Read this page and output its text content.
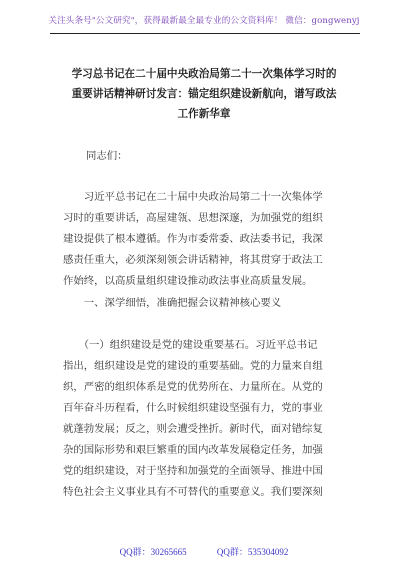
关注头条号"公文研究"，获得最新最全最专业的公文资料库！ 微信：gongwenyj
学习总书记在二十届中央政治局第二十一次集体学习时的
重要讲话精神研讨发言：锚定组织建设新航向，谱写政法
工作新华章
同志们：
　　习近平总书记在二十届中央政治局第二十一次集体学
习时的重要讲话，高屋建瓴、思想深邃，为加强党的组织
建设提供了根本遵循。作为市委常委、政法委书记，我深
感责任重大，必须深刻领会讲话精神，将其贯穿于政法工
作始终，以高质量组织建设推动政法事业高质量发展。
　　一、深学细悟，准确把握会议精神核心要义
　　（一）组织建设是党的建设重要基石。习近平总书记
指出，组织建设是党的建设的重要基础。党的力量来自组
织，严密的组织体系是党的优势所在、力量所在。从党的
百年奋斗历程看，什么时候组织建设坚强有力，党的事业
就蓬勃发展；反之，则会遭受挫折。新时代，面对错综复
杂的国际形势和艰巨繁重的国内改革发展稳定任务，加强
党的组织建设，对于坚持和加强党的全面领导、推进中国
特色社会主义事业具有不可替代的重要意义。我们要深刻
QQ群：30265665	QQ群：535304092
